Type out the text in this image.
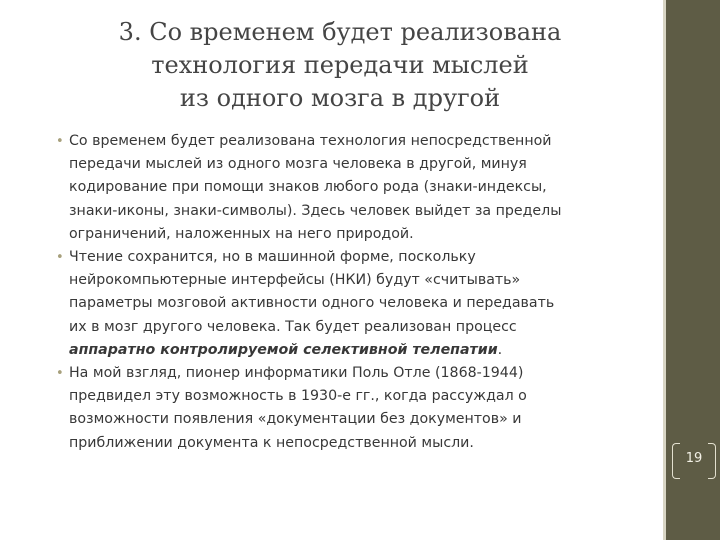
3. Со временем будет реализована
технология передачи мыслей
из одного мозга в другой
• Со временем будет реализована технология непосредственной
передачи мыслей из одного мозга человека в другой, минуя
кодирование при помощи знаков любого рода (знаки-индексы,
знаки-иконы, знаки-символы). Здесь человек выйдет за пределы
ограничений, наложенных на него природой.
• Чтение сохранится, но в машинной форме, поскольку
нейрокомпьютерные интерфейсы (НКИ) будут «считывать»
параметры мозговой активности одного человека и передавать
их в мозг другого человека. Так будет реализован процесс
аппаратно контролируемой селективной телепатии.
• На мой взгляд, пионер информатики Поль Отле (1868-1944)
предвидел эту возможность в 1930-е гг., когда рассуждал о
возможности появления «документации без документов» и
приближении документа к непосредственной мысли.
19
